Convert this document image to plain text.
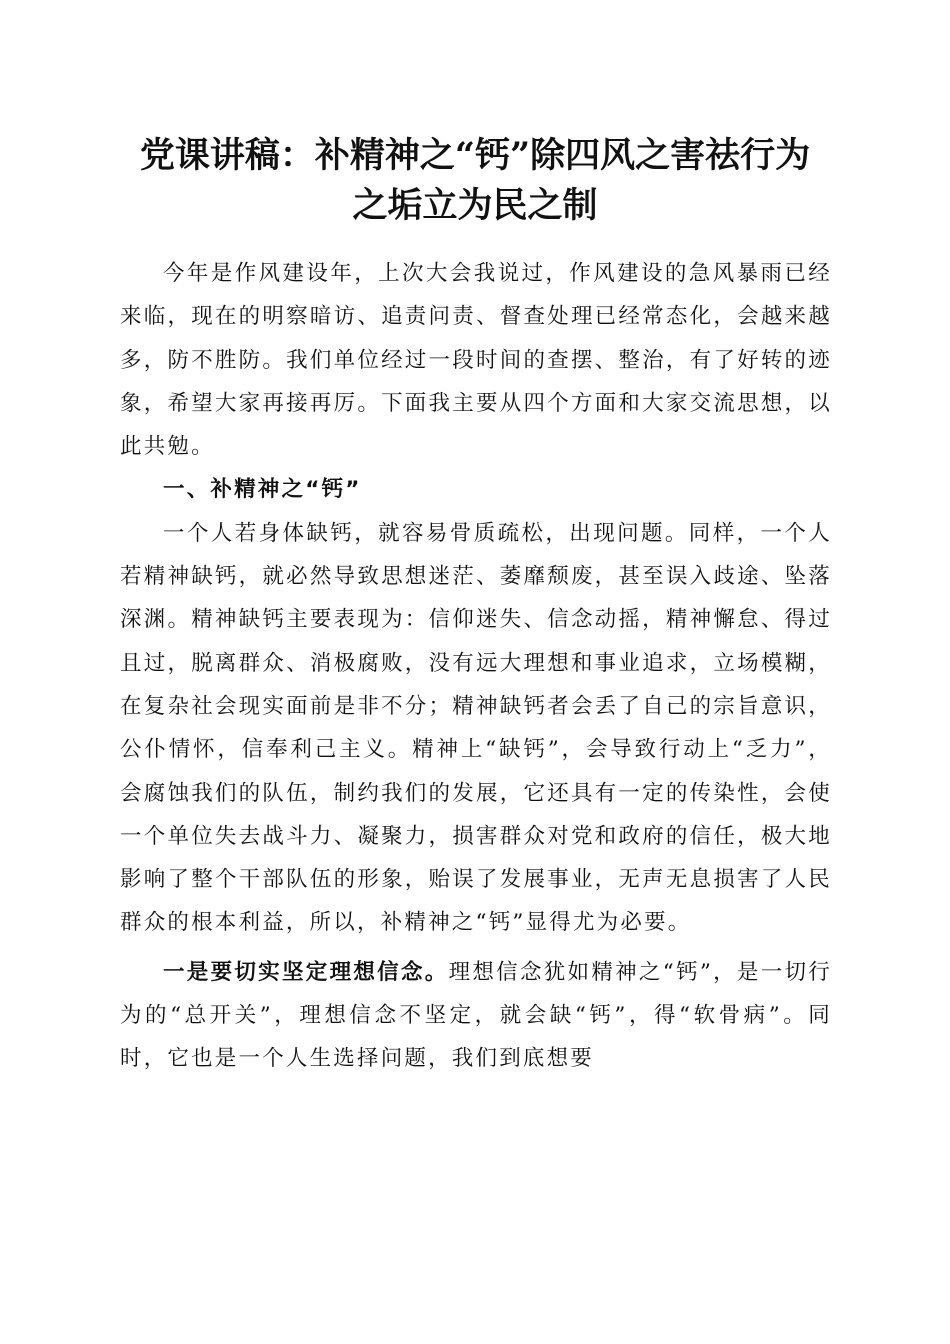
党课讲稿：补精神之“钙”除四风之害祛行为
之垢立为民之制

今年是作风建设年，上次大会我说过，作风建设的急风暴雨已经来临，现在的明察暗访、追责问责、督查处理已经常态化，会越来越多，防不胜防。我们单位经过一段时间的查摆、整治，有了好转的迹象，希望大家再接再厉。下面我主要从四个方面和大家交流思想，以此共勉。

一、补精神之“钙”

一个人若身体缺钙，就容易骨质疏松，出现问题。同样，一个人若精神缺钙，就必然导致思想迷茫、萎靡颓废，甚至误入歧途、坠落深渊。精神缺钙主要表现为：信仰迷失、信念动摇，精神懈怠、得过且过，脱离群众、消极腐败，没有远大理想和事业追求，立场模糊，在复杂社会现实面前是非不分；精神缺钙者会丢了自己的宗旨意识，公仆情怀，信奉利己主义。精神上“缺钙”，会导致行动上“乏力”，会腐蚀我们的队伍，制约我们的发展，它还具有一定的传染性，会使一个单位失去战斗力、凝聚力，损害群众对党和政府的信任，极大地影响了整个干部队伍的形象，贻误了发展事业，无声无息损害了人民群众的根本利益，所以，补精神之“钙”显得尤为必要。

一是要切实坚定理想信念。理想信念犹如精神之“钙”，是一切行为的“总开关”，理想信念不坚定，就会缺“钙”，得“软骨病”。同时，它也是一个人生选择问题，我们到底想要
